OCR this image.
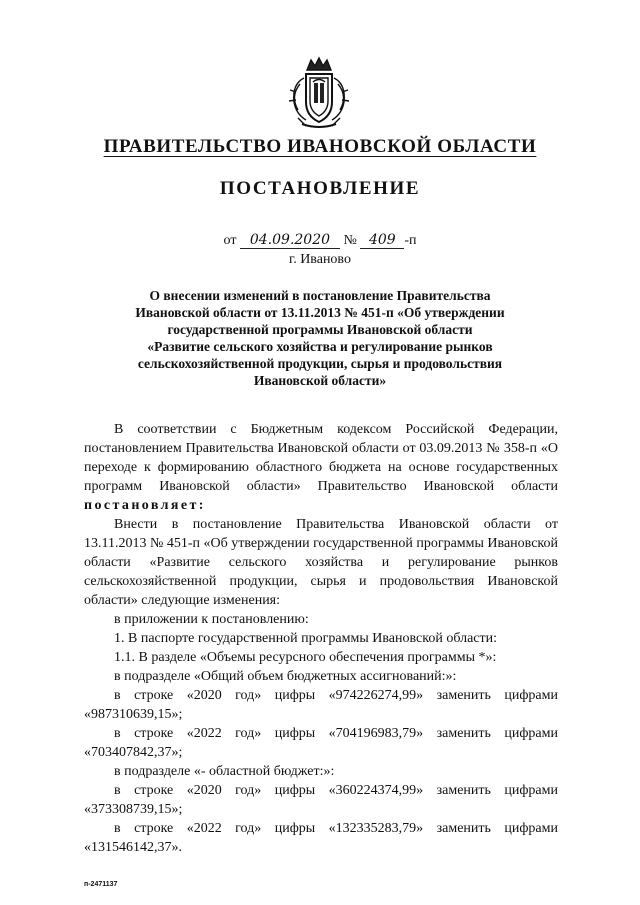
ПРАВИТЕЛЬСТВО ИВАНОВСКОЙ ОБЛАСТИ
ПОСТАНОВЛЕНИЕ
от 04.09.2020 № 409 -п
г. Иваново
О внесении изменений в постановление Правительства
Ивановской области от 13.11.2013 № 451-п «Об утверждении
государственной программы Ивановской области
«Развитие сельского хозяйства и регулирование рынков
сельскохозяйственной продукции, сырья и продовольствия
Ивановской области»

В соответствии с Бюджетным кодексом Российской Федерации, постановлением Правительства Ивановской области от 03.09.2013 № 358-п «О переходе к формированию областного бюджета на основе государственных программ Ивановской области» Правительство Ивановской области постановляет:

Внести в постановление Правительства Ивановской области от 13.11.2013 № 451-п «Об утверждении государственной программы Ивановской области «Развитие сельского хозяйства и регулирование рынков сельскохозяйственной продукции, сырья и продовольствия Ивановской области» следующие изменения:

в приложении к постановлению:

1. В паспорте государственной программы Ивановской области:

1.1. В разделе «Объемы ресурсного обеспечения программы *»:

в подразделе «Общий объем бюджетных ассигнований:»:

в строке «2020 год» цифры «974226274,99» заменить цифрами «987310639,15»;

в строке «2022 год» цифры «704196983,79» заменить цифрами «703407842,37»;

в подразделе «- областной бюджет:»:

в строке «2020 год» цифры «360224374,99» заменить цифрами «373308739,15»;

в строке «2022 год» цифры «132335283,79» заменить цифрами «131546142,37».

п-2471137
